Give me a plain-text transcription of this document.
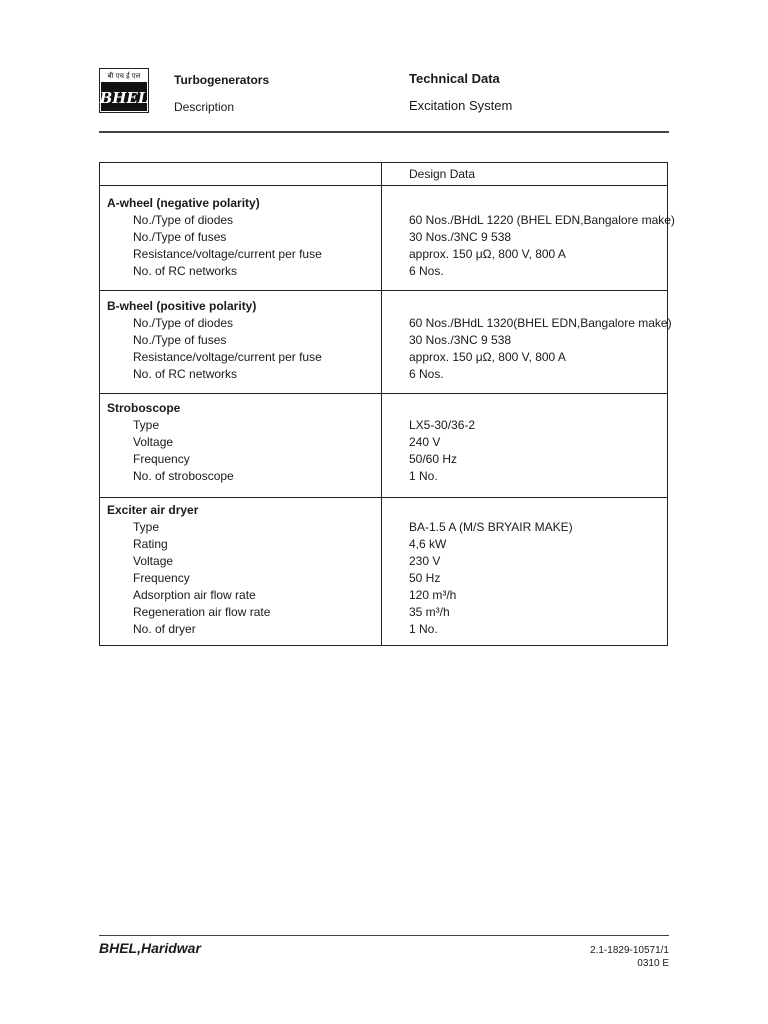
बी एच ई एल
BHEL
Turbogenerators
Description
Technical Data
Excitation System
Design Data
A-wheel (negative polarity)
No./Type of diodes	60 Nos./BHdL 1220 (BHEL EDN,Bangalore make)
No./Type of fuses	30 Nos./3NC 9 538
Resistance/voltage/current per fuse	approx. 150 μΩ, 800 V, 800 A
No. of RC networks	6 Nos.
B-wheel (positive polarity)
No./Type of diodes	60 Nos./BHdL 1320(BHEL EDN,Bangalore make)
No./Type of fuses	30 Nos./3NC 9 538
Resistance/voltage/current per fuse	approx. 150 μΩ, 800 V, 800 A
No. of RC networks	6 Nos.
Stroboscope
Type	LX5-30/36-2
Voltage	240 V
Frequency	50/60 Hz
No. of stroboscope	1 No.
Exciter air dryer
Type	BA-1.5 A (M/S BRYAIR MAKE)
Rating	4,6 kW
Voltage	230 V
Frequency	50 Hz
Adsorption air flow rate	120 m³/h
Regeneration air flow rate	35 m³/h
No. of dryer	1 No.
BHEL,Haridwar	2.1-1829-10571/1
0310 E
